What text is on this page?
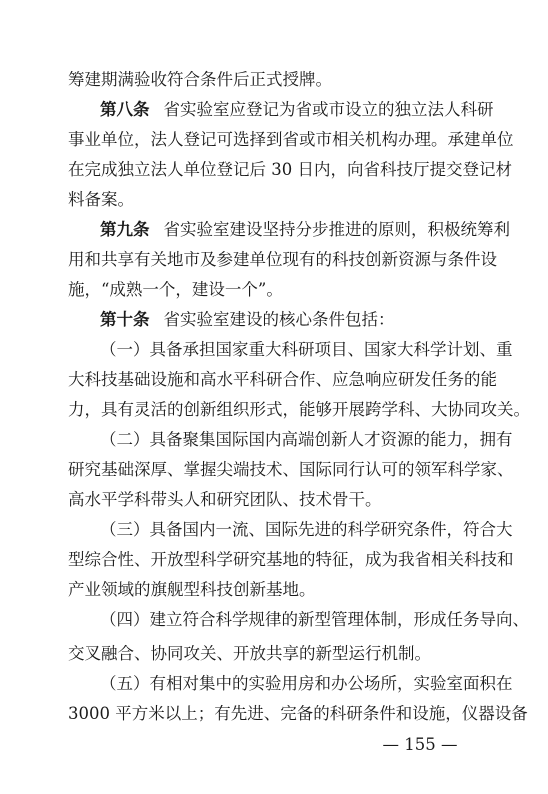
筹建期满验收符合条件后正式授牌。
第八条 省实验室应登记为省或市设立的独立法人科研
事业单位，法人登记可选择到省或市相关机构办理。承建单位
在完成独立法人单位登记后 30 日内，向省科技厅提交登记材
料备案。
第九条 省实验室建设坚持分步推进的原则，积极统筹利
用和共享有关地市及参建单位现有的科技创新资源与条件设
施，“成熟一个，建设一个”。
第十条 省实验室建设的核心条件包括：
（一）具备承担国家重大科研项目、国家大科学计划、重
大科技基础设施和高水平科研合作、应急响应研发任务的能
力，具有灵活的创新组织形式，能够开展跨学科、大协同攻关。
（二）具备聚集国际国内高端创新人才资源的能力，拥有
研究基础深厚、掌握尖端技术、国际同行认可的领军科学家、
高水平学科带头人和研究团队、技术骨干。
（三）具备国内一流、国际先进的科学研究条件，符合大
型综合性、开放型科学研究基地的特征，成为我省相关科技和
产业领域的旗舰型科技创新基地。
（四）建立符合科学规律的新型管理体制，形成任务导向、
交叉融合、协同攻关、开放共享的新型运行机制。
（五）有相对集中的实验用房和办公场所，实验室面积在
3000 平方米以上；有先进、完备的科研条件和设施，仪器设备
— 155 —
